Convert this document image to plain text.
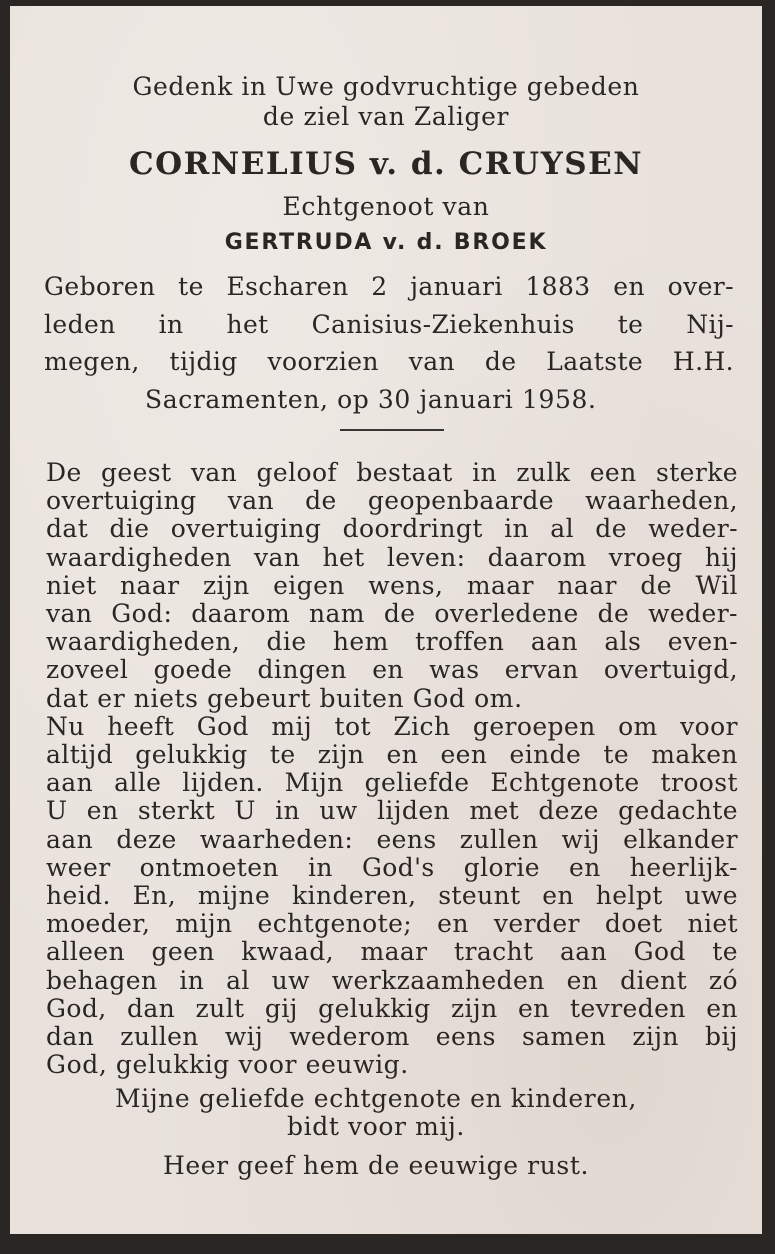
Gedenk in Uwe godvruchtige gebeden
de ziel van Zaliger
CORNELIUS v. d. CRUYSEN
Echtgenoot van
GERTRUDA v. d. BROEK
Geboren te Escharen 2 januari 1883 en over-
leden in het Canisius-Ziekenhuis te Nij-
megen, tijdig voorzien van de Laatste H.H.
Sacramenten, op 30 januari 1958.
De geest van geloof bestaat in zulk een sterke
overtuiging van de geopenbaarde waarheden,
dat die overtuiging doordringt in al de weder-
waardigheden van het leven: daarom vroeg hij
niet naar zijn eigen wens, maar naar de Wil
van God: daarom nam de overledene de weder-
waardigheden, die hem troffen aan als even-
zoveel goede dingen en was ervan overtuigd,
dat er niets gebeurt buiten God om.
Nu heeft God mij tot Zich geroepen om voor
altijd gelukkig te zijn en een einde te maken
aan alle lijden. Mijn geliefde Echtgenote troost
U en sterkt U in uw lijden met deze gedachte
aan deze waarheden: eens zullen wij elkander
weer ontmoeten in God's glorie en heerlijk-
heid. En, mijne kinderen, steunt en helpt uwe
moeder, mijn echtgenote; en verder doet niet
alleen geen kwaad, maar tracht aan God te
behagen in al uw werkzaamheden en dient zó
God, dan zult gij gelukkig zijn en tevreden en
dan zullen wij wederom eens samen zijn bij
God, gelukkig voor eeuwig.
Mijne geliefde echtgenote en kinderen,
bidt voor mij.
Heer geef hem de eeuwige rust.
